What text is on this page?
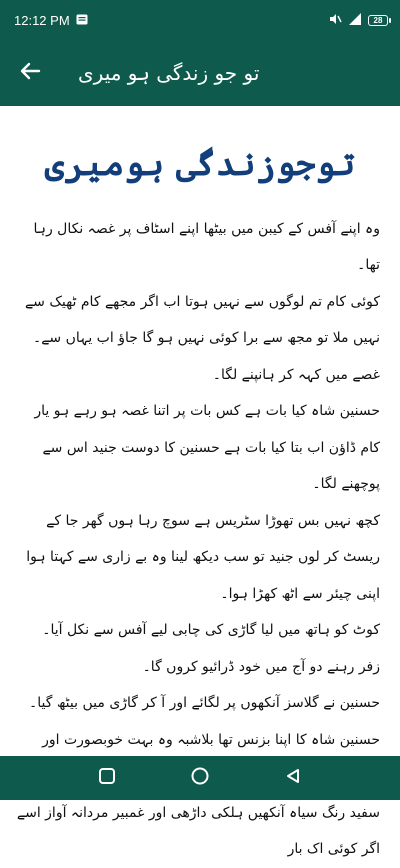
12:12 PM	28
تو جو زندگی ہو میری
توجوزندگی ہومیری

وہ اپنے آفس کے کیبن میں بیٹھا اپنے اسٹاف پر غصہ نکال رہا تھا۔

کوئی کام تم لوگوں سے نہیں ہوتا اب اگر مجھے کام ٹھیک سے نہیں ملا تو مجھ سے برا کوئی نہیں ہو گا جاؤ اب یہاں سے۔ غصے میں کہہ کر ہانپنے لگا۔

حسنین شاہ کیا بات ہے کس بات پر اتنا غصہ ہو رہے ہو یار کام ڈاؤن اب بتا کیا بات ہے حسنین کا دوست جنید اس سے پوچھنے لگا۔

کچھ نہیں بس تھوڑا سٹریس ہے سوچ رہا ہوں گھر جا کے ریسٹ کر لوں جنید تو سب دیکھ لینا وہ بے زاری سے کہتا ہوا اپنی چیئر سے اٹھ کھڑا ہوا۔

کوٹ کو ہاتھ میں لیا گاڑی کی چابی لیے آفس سے نکل آیا۔

زفر رہنے دو آج میں خود ڈرائیو کروں گا۔

حسنین نے گلاسز آنکھوں پر لگائے اور آ کر گاڑی میں بیٹھ گیا۔

حسنین شاہ کا اپنا بزنس تھا بلاشبہ وہ بہت خوبصورت اور

سفید رنگ سیاہ آنکھیں ہلکی داڑھی اور غمبیر مردانہ آواز اسے اگر کوئی اک بار
